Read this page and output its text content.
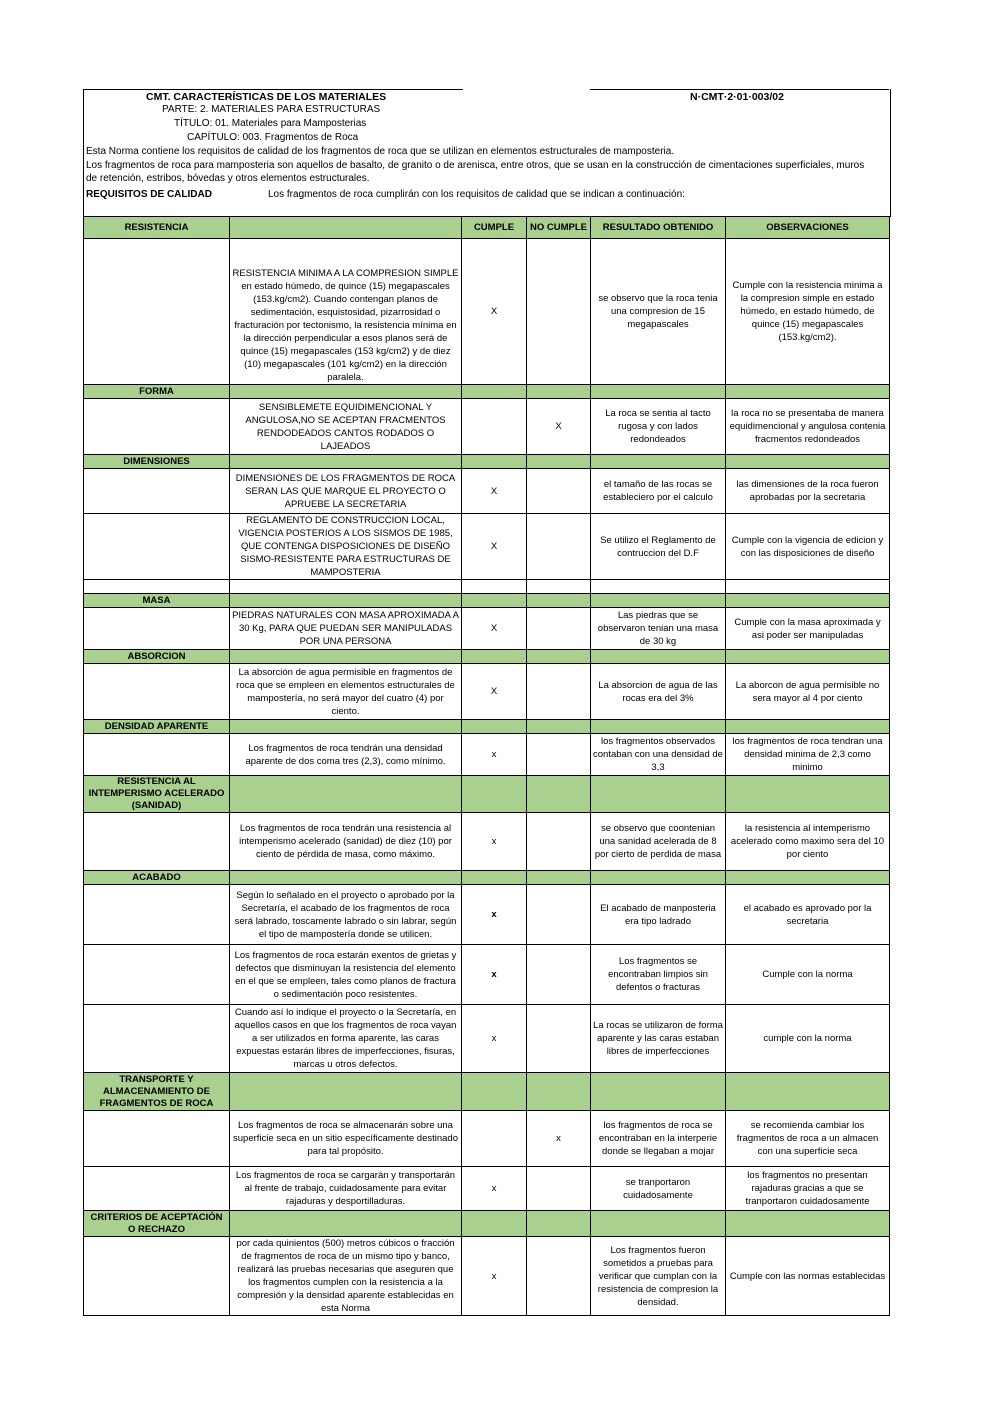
CMT. CARACTERÍSTICAS DE LOS MATERIALES	N·CMT·2·01·003/02
PARTE: 2. MATERIALES PARA ESTRUCTURAS
TÍTULO: 01. Materiales para Mamposterias
CAPÍTULO: 003. Fragmentos de Roca
Esta Norma contiene los requisitos de calidad de los fragmentos de roca que se utilizan en elementos estructurales de mamposteria.
Los fragmentos de roca para mamposteria son aquellos de basalto, de granito o de arenisca, entre otros, que se usan en la construcción de cimentaciones superficiales, muros
de retención, estribos, bóvedas y otros elementos estructurales.
REQUISITOS DE CALIDAD	Los fragmentos de roca cumplirán con los requisitos de calidad que se indican a continuación:
RESISTENCIA		CUMPLE	NO CUMPLE	RESULTADO OBTENIDO	OBSERVACIONES
	RESISTENCIA MINIMA A LA COMPRESION SIMPLE en estado húmedo, de quince (15) megapascales (153.kg/cm2). Cuando contengan planos de sedimentación, esquistosidad, pizarrosidad o fracturación por tectonismo, la resistencia mínima en la dirección perpendicular a esos planos será de quince (15) megapascales (153 kg/cm2) y de diez (10) megapascales (101 kg/cm2) en la dirección paralela.	X		se observo que la roca tenia una compresion de 15 megapascales	Cumple con la resistencia minima a la compresion simple en estado húmedo, en estado húmedo, de quince (15) megapascales (153.kg/cm2).
FORMA					
	SENSIBLEMETE EQUIDIMENCIONAL Y ANGULOSA,NO SE ACEPTAN FRACMENTOS RENDODEADOS CANTOS RODADOS O LAJEADOS		X	La roca se sentia al tacto rugosa y con lados redondeados	la roca no se presentaba de manera equidimencional y angulosa contenia fracmentos redondeados
DIMENSIONES					
	DIMENSIONES DE LOS FRAGMENTOS DE ROCA SERAN LAS QUE MARQUE EL PROYECTO O APRUEBE LA SECRETARIA	X		el tamaño de las rocas se estableciero por el calculo	las dimensiones de la roca fueron aprobadas por la secretaria
	REGLAMENTO DE CONSTRUCCION LOCAL, VIGENCIA POSTERIOS A LOS SISMOS DE 1985, QUE CONTENGA DISPOSICIONES DE DISEÑO SISMO-RESISTENTE PARA ESTRUCTURAS DE MAMPOSTERIA	X		Se utilizo el Reglamento de contruccion del D.F	Cumple con la vigencia de edicion y con las disposiciones de diseño

MASA					
	PIEDRAS NATURALES CON MASA APROXIMADA A 30 Kg, PARA QUE PUEDAN SER MANIPULADAS POR UNA PERSONA	X		Las piedras que se observaron tenian una masa de 30 kg	Cumple con la masa aproximada y asi poder ser manipuladas
ABSORCION					
	La absorción de agua permisible en fragmentos de roca que se empleen en elementos estructurales de mampostería, no será mayor del cuatro (4) por ciento.	X		La absorcion de agua de las rocas era del 3%	La aborcon de agua permisible no sera mayor al 4 por ciento
DENSIDAD APARENTE					
	Los fragmentos de roca tendrán una densidad aparente de dos coma tres (2,3), como mínimo.	x		los fragmentos observados contaban con una densidad de 3,3	los fragmentos de roca tendran una densidad minima de 2,3 como minimo
RESISTENCIA AL INTEMPERISMO ACELERADO (SANIDAD)					
	Los fragmentos de roca tendrán una resistencia al intemperismo acelerado (sanidad) de diez (10) por ciento de pérdida de masa, como máximo.	x		se observo que coontenian una sanidad acelerada de 8 por cierto de perdida de masa	la resistencia al intemperismo acelerado como maximo sera del 10 por ciento
ACABADO					
	Según lo señalado en el proyecto o aprobado por la Secretaría, el acabado de los fragmentos de roca será labrado, toscamente labrado o sin labrar, según el tipo de mampostería donde se utilicen.	x		El acabado de manposteria era tipo ladrado	el acabado es aprovado por la secretaria
	Los fragmentos de roca estarán exentos de grietas y defectos que disminuyan la resistencia del elemento en el que se empleen, tales como planos de fractura o sedimentación poco resistentes.	x		Los fragmentos se encontraban limpios sin defentos o fracturas	Cumple con la norma
	Cuando así lo indique el proyecto o la Secretaría, en aquellos casos en que los fragmentos de roca vayan a ser utilizados en forma aparente, las caras expuestas estarán libres de imperfecciones, fisuras, marcas u otros defectos.	x		La rocas se utilizaron de forma aparente y las caras estaban libres de imperfecciones	cumple con la norma
TRANSPORTE Y ALMACENAMIENTO DE FRAGMENTOS DE ROCA					
	Los fragmentos de roca se almacenarán sobre una superficie seca en un sitio específicamente destinado para tal propósito.		x	los fragmentos de roca se encontraban en la interperie donde se llegaban a mojar	se recomienda cambiar los fragmentos de roca a un almacen con una superficie seca
	Los fragmentos de roca se cargarán y transportarán al frente de trabajo, cuidadosamente para evitar rajaduras y desportilladuras.	x		se tranportaron cuidadosamente	los fragmentos no presentan rajaduras gracias a que se tranportaron cuidadosamente
CRITERIOS DE ACEPTACIÓN O RECHAZO					
	por cada quinientos (500) metros cúbicos o fracción de fragmentos de roca de un mismo tipo y banco, realizará las pruebas necesarias que aseguren que los fragmentos cumplen con la resistencia a la compresión y la densidad aparente establecidas en esta Norma	x		Los fragmentos fueron sometidos a pruebas para verificar que cumplan con la resistencia de compresion la densidad.	Cumple con las normas establecidas
